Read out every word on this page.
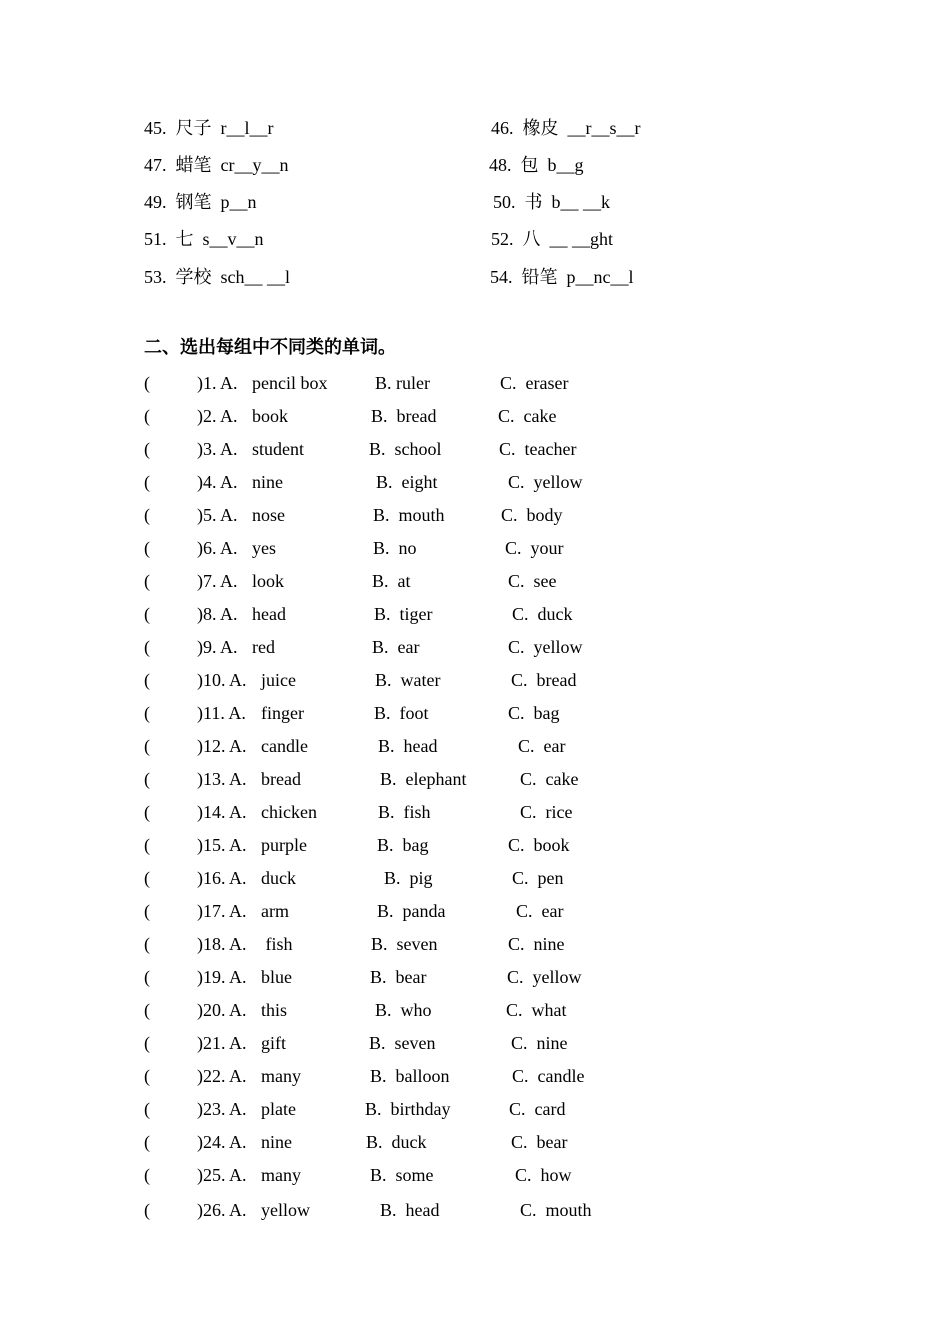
45.  尺子  r__l__r	46.  橡皮  __r__s__r
47.  蜡笔  cr__y__n	48.  包  b__g
49.  钢笔  p__n	50.  书  b__ __k
51.  七  s__v__n	52.  八  __ __ght
53.  学校  sch__ __l	54.  铅笔  p__nc__l
二、选出每组中不同类的单词。
(	)1. A. pencil box	B. ruler	C.  eraser
(	)2. A. book	B.  bread	C.  cake
(	)3. A. student	B.  school	C.  teacher
(	)4. A. nine	B.  eight	C.  yellow
(	)5. A. nose	B.  mouth	C.  body
(	)6. A. yes	B.  no	C.  your
(	)7. A. look	B.  at	C.  see
(	)8. A. head	B.  tiger	C.  duck
(	)9. A. red	B.  ear	C.  yellow
(	)10. A. juice	B.  water	C.  bread
(	)11. A. finger	B.  foot	C.  bag
(	)12. A. candle	B.  head	C.  ear
(	)13. A. bread	B.  elephant	C.  cake
(	)14. A. chicken	B.  fish	C.  rice
(	)15. A. purple	B.  bag	C.  book
(	)16. A. duck	B.  pig	C.  pen
(	)17. A. arm	B.  panda	C.  ear
(	)18. A. fish	B.  seven	C.  nine
(	)19. A. blue	B.  bear	C.  yellow
(	)20. A. this	B.  who	C.  what
(	)21. A. gift	B.  seven	C.  nine
(	)22. A. many	B.  balloon	C.  candle
(	)23. A. plate	B.  birthday	C.  card
(	)24. A. nine	B.  duck	C.  bear
(	)25. A. many	B.  some	C.  how
(	)26. A. yellow	B.  head	C.  mouth
